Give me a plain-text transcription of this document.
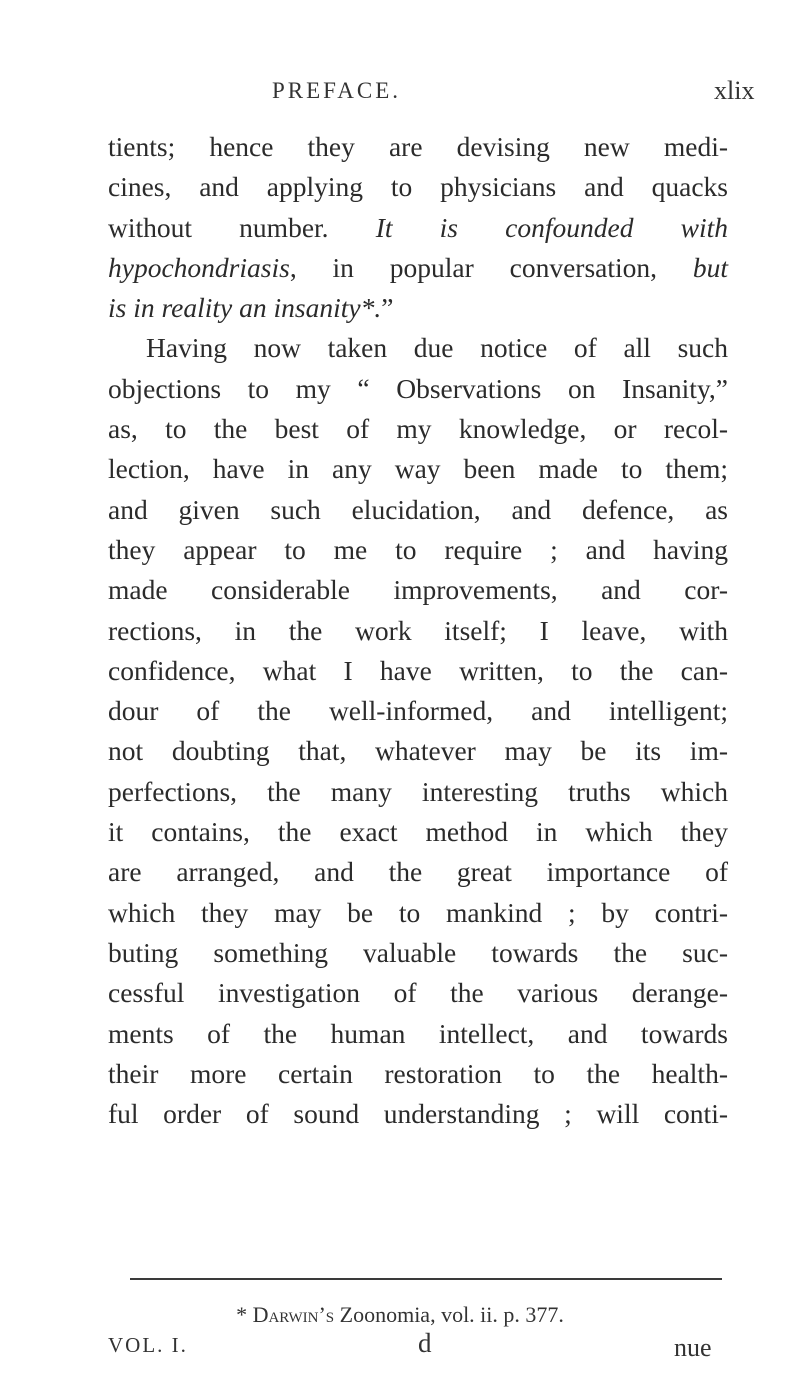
PREFACE.	xlix
tients; hence they are devising new medi-
cines, and applying to physicians and quacks
without number. It is confounded with
hypochondriasis, in popular conversation, but
is in reality an insanity*.”
Having now taken due notice of all such
objections to my “ Observations on Insanity,”
as, to the best of my knowledge, or recol-
lection, have in any way been made to them;
and given such elucidation, and defence, as
they appear to me to require ; and having
made considerable improvements, and cor-
rections, in the work itself; I leave, with
confidence, what I have written, to the can-
dour of the well-informed, and intelligent;
not doubting that, whatever may be its im-
perfections, the many interesting truths which
it contains, the exact method in which they
are arranged, and the great importance of
which they may be to mankind ; by contri-
buting something valuable towards the suc-
cessful investigation of the various derange-
ments of the human intellect, and towards
their more certain restoration to the health-
ful order of sound understanding ; will conti-
* Darwin’s Zoonomia, vol. ii. p. 377.
VOL. I.	d	nue
